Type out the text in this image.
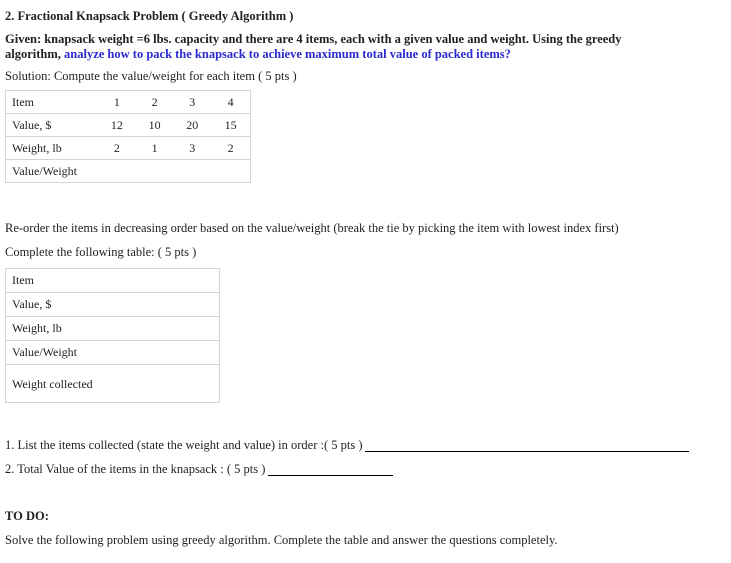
2. Fractional Knapsack Problem ( Greedy Algorithm )
Given: knapsack weight =6 lbs. capacity and there are 4 items, each with a given value and weight. Using the greedy
algorithm, analyze how to pack the knapsack to achieve maximum total value of packed items?
Solution: Compute the value/weight for each item ( 5 pts )
Item	1	2	3	4
Value, $	12	10	20	15
Weight, lb	2	1	3	2
Value/Weight				
Re-order the items in decreasing order based on the value/weight (break the tie by picking the item with lowest index first)
Complete the following table: ( 5 pts )
Item
Value, $
Weight, lb
Value/Weight
Weight collected
1. List the items collected (state the weight and value) in order :( 5 pts )
2. Total Value of the items in the knapsack : ( 5 pts )
TO DO:
Solve the following problem using greedy algorithm. Complete the table and answer the questions completely.
